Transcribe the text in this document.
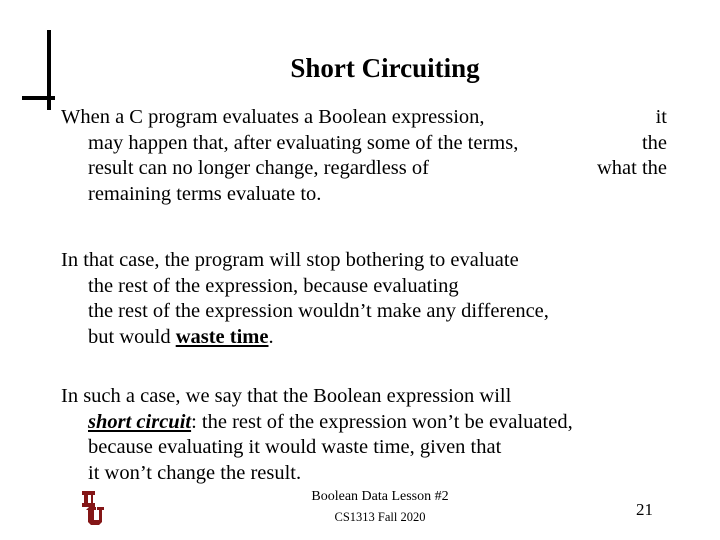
Short Circuiting
When a C program evaluates a Boolean expression,	it
may happen that, after evaluating some of the terms,	the
result can no longer change, regardless of	what the
remaining terms evaluate to.
In that case, the program will stop bothering to evaluate
the rest of the expression, because evaluating
the rest of the expression wouldn’t make any difference,
but would waste time.
In such a case, we say that the Boolean expression will
short circuit: the rest of the expression won’t be evaluated,
because evaluating it would waste time, given that
it won’t change the result.
Boolean Data Lesson #2
CS1313 Fall 2020	21
